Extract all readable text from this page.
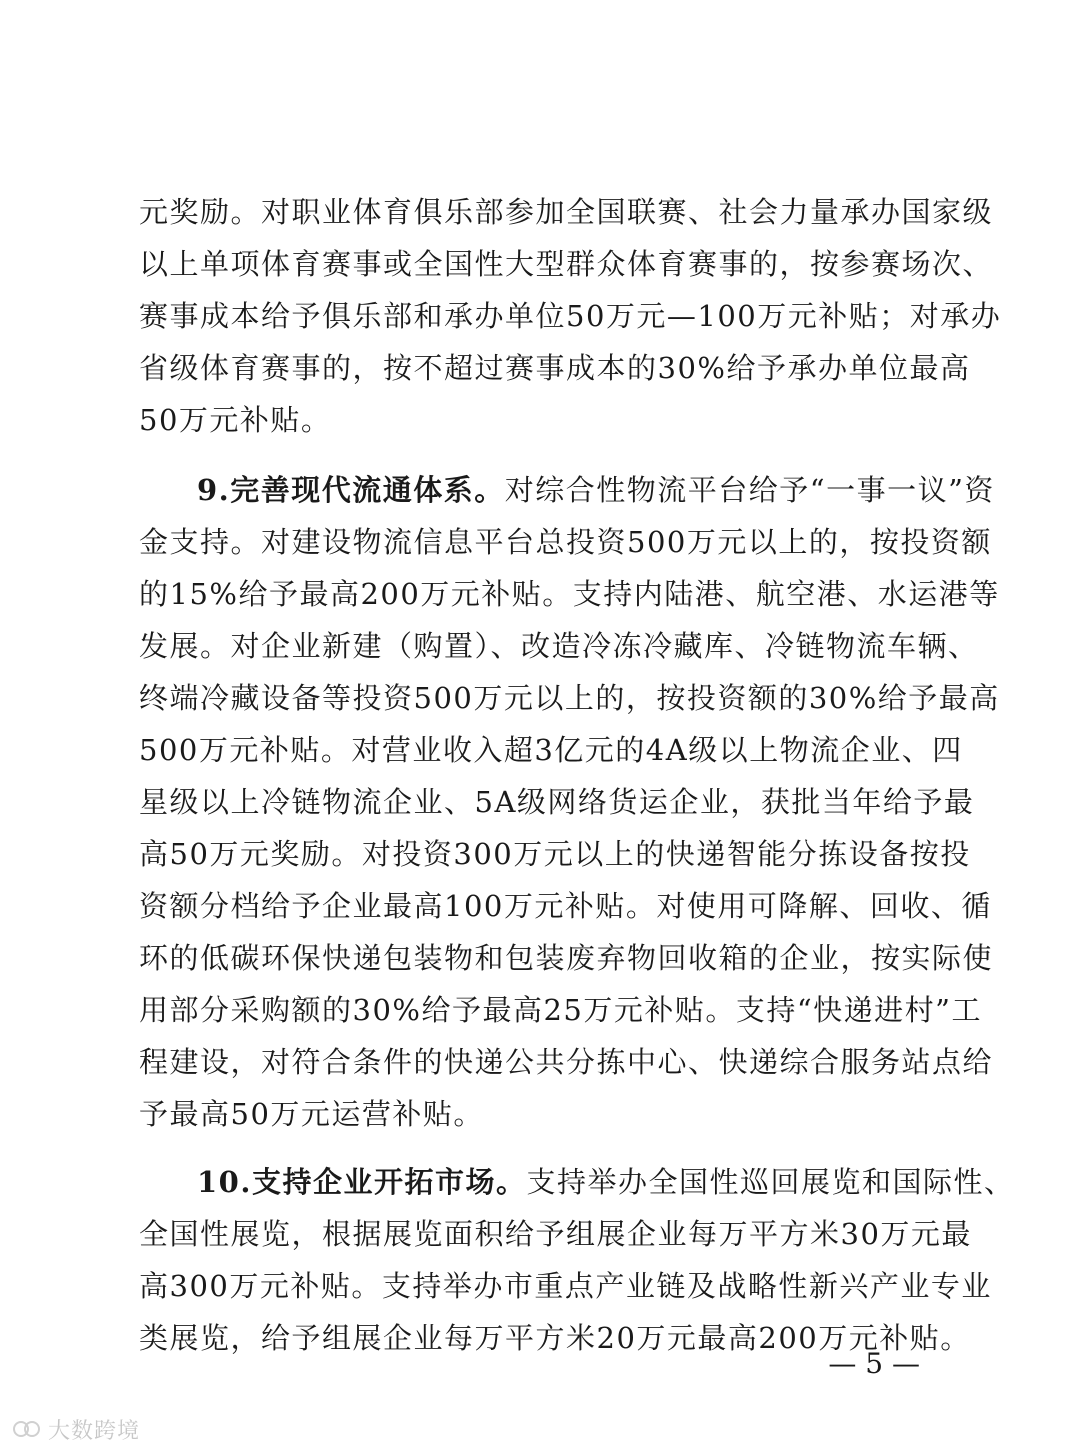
元奖励。对职业体育俱乐部参加全国联赛、社会力量承办国家级
以上单项体育赛事或全国性大型群众体育赛事的，按参赛场次、
赛事成本给予俱乐部和承办单位50万元—100万元补贴；对承办
省级体育赛事的，按不超过赛事成本的30%给予承办单位最高
50万元补贴。
9.完善现代流通体系。对综合性物流平台给予“一事一议”资
金支持。对建设物流信息平台总投资500万元以上的，按投资额
的15%给予最高200万元补贴。支持内陆港、航空港、水运港等
发展。对企业新建（购置）、改造冷冻冷藏库、冷链物流车辆、
终端冷藏设备等投资500万元以上的，按投资额的30%给予最高
500万元补贴。对营业收入超3亿元的4A级以上物流企业、四
星级以上冷链物流企业、5A级网络货运企业，获批当年给予最
高50万元奖励。对投资300万元以上的快递智能分拣设备按投
资额分档给予企业最高100万元补贴。对使用可降解、回收、循
环的低碳环保快递包装物和包装废弃物回收箱的企业，按实际使
用部分采购额的30%给予最高25万元补贴。支持“快递进村”工
程建设，对符合条件的快递公共分拣中心、快递综合服务站点给
予最高50万元运营补贴。
10.支持企业开拓市场。支持举办全国性巡回展览和国际性、
全国性展览，根据展览面积给予组展企业每万平方米30万元最
高300万元补贴。支持举办市重点产业链及战略性新兴产业专业
类展览，给予组展企业每万平方米20万元最高200万元补贴。
— 5 —
大数跨境
